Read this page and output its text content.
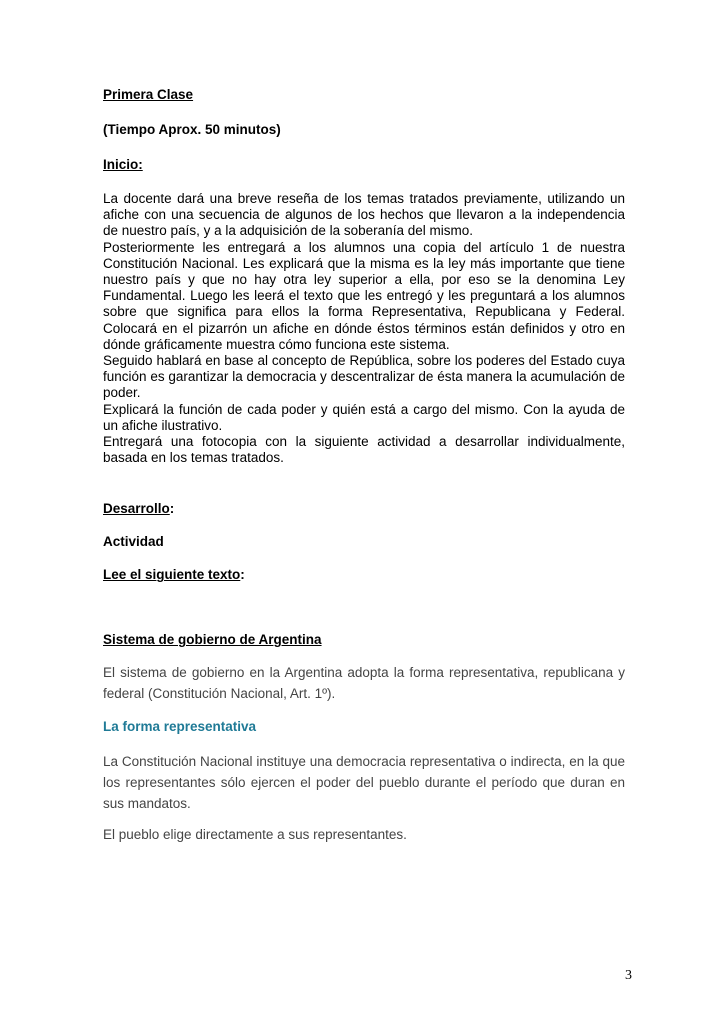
Primera Clase

(Tiempo Aprox. 50 minutos)

Inicio:

La docente dará una breve reseña de los temas tratados previamente, utilizando un afiche con una secuencia de algunos de los hechos que llevaron a la independencia de nuestro país, y a la adquisición de la soberanía del mismo.

Posteriormente les entregará a los alumnos una copia del artículo 1 de nuestra Constitución Nacional. Les explicará que la misma es la ley más importante que tiene nuestro país y que no hay otra ley superior a ella, por eso se la denomina Ley Fundamental. Luego les leerá el texto que les entregó y les preguntará a los alumnos sobre que significa para ellos la forma Representativa, Republicana y Federal. Colocará en el pizarrón un afiche en dónde éstos términos están definidos y otro en dónde gráficamente muestra cómo funciona este sistema.

Seguido hablará en base al concepto de República, sobre los poderes del Estado cuya función es garantizar la democracia y descentralizar de ésta manera la acumulación de poder.

Explicará la función de cada poder y quién está a cargo del mismo. Con la ayuda de un afiche ilustrativo.

Entregará una fotocopia con la siguiente actividad a desarrollar individualmente, basada en los temas tratados.

Desarrollo:

Actividad

Lee el siguiente texto:

Sistema de gobierno de Argentina

El sistema de gobierno en la Argentina adopta la forma representativa, republicana y federal (Constitución Nacional, Art. 1º).

La forma representativa

La Constitución Nacional instituye una democracia representativa o indirecta, en la que los representantes sólo ejercen el poder del pueblo durante el período que duran en sus mandatos.

El pueblo elige directamente a sus representantes.

3
